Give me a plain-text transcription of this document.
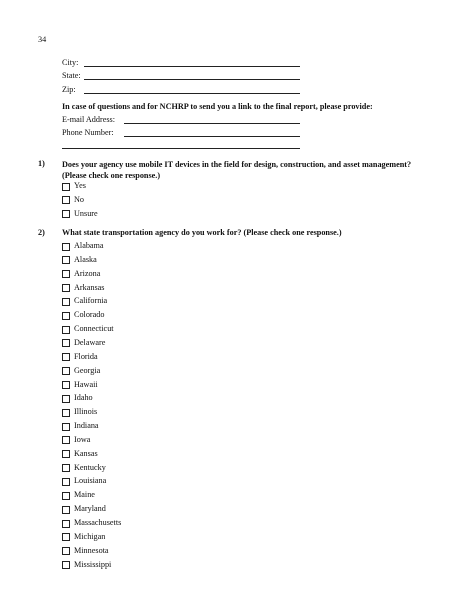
34
City:
State:
Zip:
In case of questions and for NCHRP to send you a link to the final report, please provide:
E-mail Address:
Phone Number:
1) Does your agency use mobile IT devices in the field for design, construction, and asset management? (Please check one response.)
Yes
No
Unsure
2) What state transportation agency do you work for? (Please check one response.)
Alabama
Alaska
Arizona
Arkansas
California
Colorado
Connecticut
Delaware
Florida
Georgia
Hawaii
Idaho
Illinois
Indiana
Iowa
Kansas
Kentucky
Louisiana
Maine
Maryland
Massachusetts
Michigan
Minnesota
Mississippi
